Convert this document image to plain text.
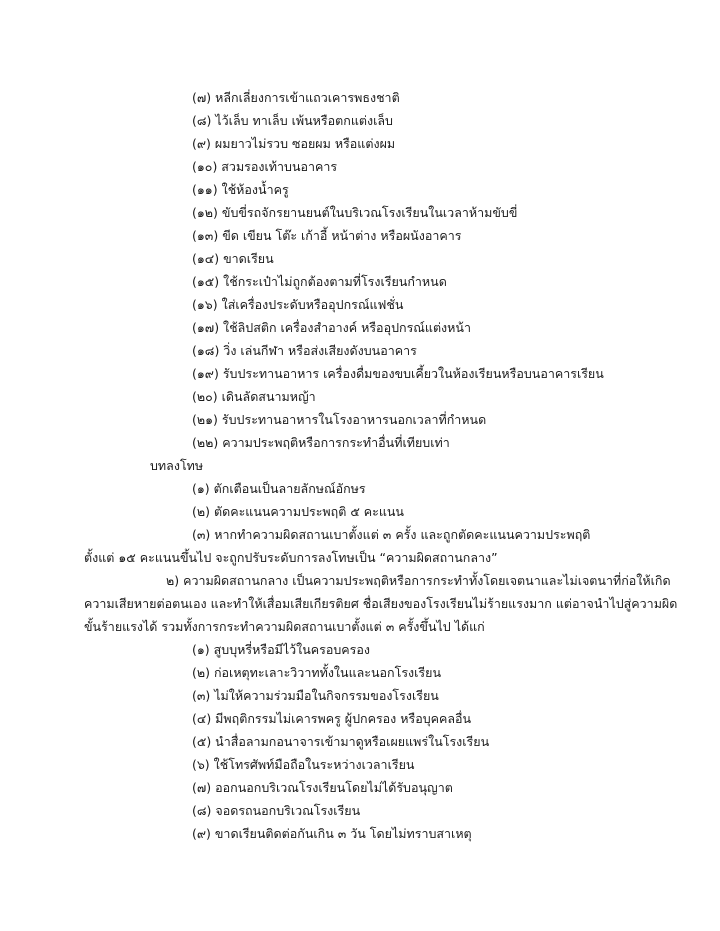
(๗) หลีกเลี่ยงการเข้าแถวเคารพธงชาติ
(๘) ไว้เล็บ ทาเล็บ เพ้นหรือตกแต่งเล็บ
(๙) ผมยาวไม่รวบ ซอยผม หรือแต่งผม
(๑๐) สวมรองเท้าบนอาคาร
(๑๑) ใช้ห้องน้ำครู
(๑๒) ขับขี่รถจักรยานยนต์ในบริเวณโรงเรียนในเวลาห้ามขับขี่
(๑๓) ขีด เขียน โต๊ะ เก้าอี้ หน้าต่าง หรือผนังอาคาร
(๑๔) ขาดเรียน
(๑๕) ใช้กระเป๋าไม่ถูกต้องตามที่โรงเรียนกำหนด
(๑๖) ใส่เครื่องประดับหรืออุปกรณ์แฟชั่น
(๑๗) ใช้ลิปสติก เครื่องสำอางค์ หรืออุปกรณ์แต่งหน้า
(๑๘) วิ่ง เล่นกีฬา หรือส่งเสียงดังบนอาคาร
(๑๙) รับประทานอาหาร เครื่องดื่มของขบเคี้ยวในห้องเรียนหรือบนอาคารเรียน
(๒๐) เดินลัดสนามหญ้า
(๒๑) รับประทานอาหารในโรงอาหารนอกเวลาที่กำหนด
(๒๒) ความประพฤติหรือการกระทำอื่นที่เทียบเท่า
บทลงโทษ
(๑) ตักเตือนเป็นลายลักษณ์อักษร
(๒) ตัดคะแนนความประพฤติ ๕ คะแนน
(๓) หากทำความผิดสถานเบาตั้งแต่ ๓ ครั้ง และถูกตัดคะแนนความประพฤติ
ตั้งแต่ ๑๕ คะแนนขึ้นไป จะถูกปรับระดับการลงโทษเป็น “ความผิดสถานกลาง”
๒) ความผิดสถานกลาง เป็นความประพฤติหรือการกระทำทั้งโดยเจตนาและไม่เจตนาที่ก่อให้เกิด
ความเสียหายต่อตนเอง และทำให้เสื่อมเสียเกียรติยศ ชื่อเสียงของโรงเรียนไม่ร้ายแรงมาก แต่อาจนำไปสู่ความผิด
ขั้นร้ายแรงได้ รวมทั้งการกระทำความผิดสถานเบาตั้งแต่ ๓ ครั้งขึ้นไป ได้แก่
(๑) สูบบุหรี่หรือมีไว้ในครอบครอง
(๒) ก่อเหตุทะเลาะวิวาททั้งในและนอกโรงเรียน
(๓) ไม่ให้ความร่วมมือในกิจกรรมของโรงเรียน
(๔) มีพฤติกรรมไม่เคารพครู ผู้ปกครอง หรือบุคคลอื่น
(๕) นำสื่อลามกอนาจารเข้ามาดูหรือเผยแพร่ในโรงเรียน
(๖) ใช้โทรศัพท์มือถือในระหว่างเวลาเรียน
(๗) ออกนอกบริเวณโรงเรียนโดยไม่ได้รับอนุญาต
(๘) จอดรถนอกบริเวณโรงเรียน
(๙) ขาดเรียนติดต่อกันเกิน ๓ วัน โดยไม่ทราบสาเหตุ
